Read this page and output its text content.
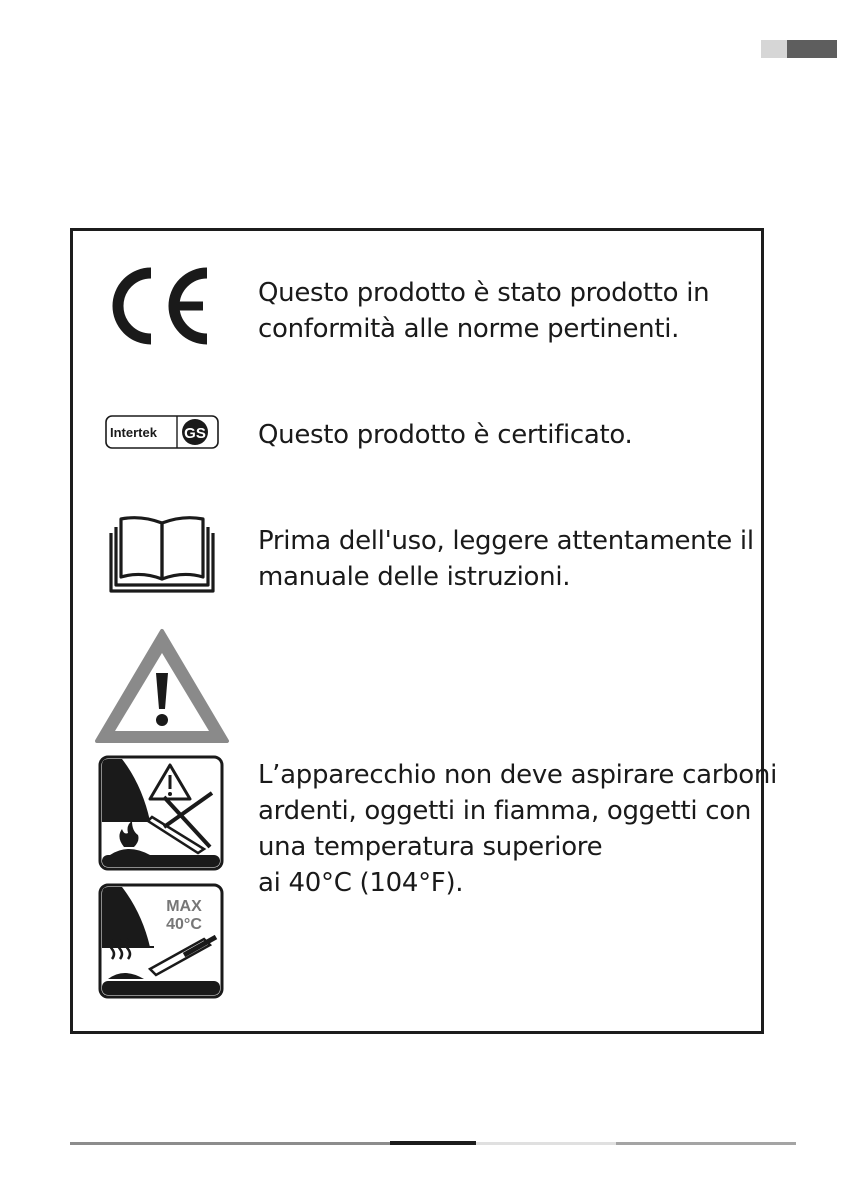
Questo prodotto è stato prodotto in
conformità alle norme pertinenti.
Intertek GS Questo prodotto è certificato.
Prima dell'uso, leggere attentamente il
manuale delle istruzioni.
L’apparecchio non deve aspirare carboni
ardenti, oggetti in fiamma, oggetti con
una temperatura superiore
MAX
40°C
ai 40°C (104°F).
